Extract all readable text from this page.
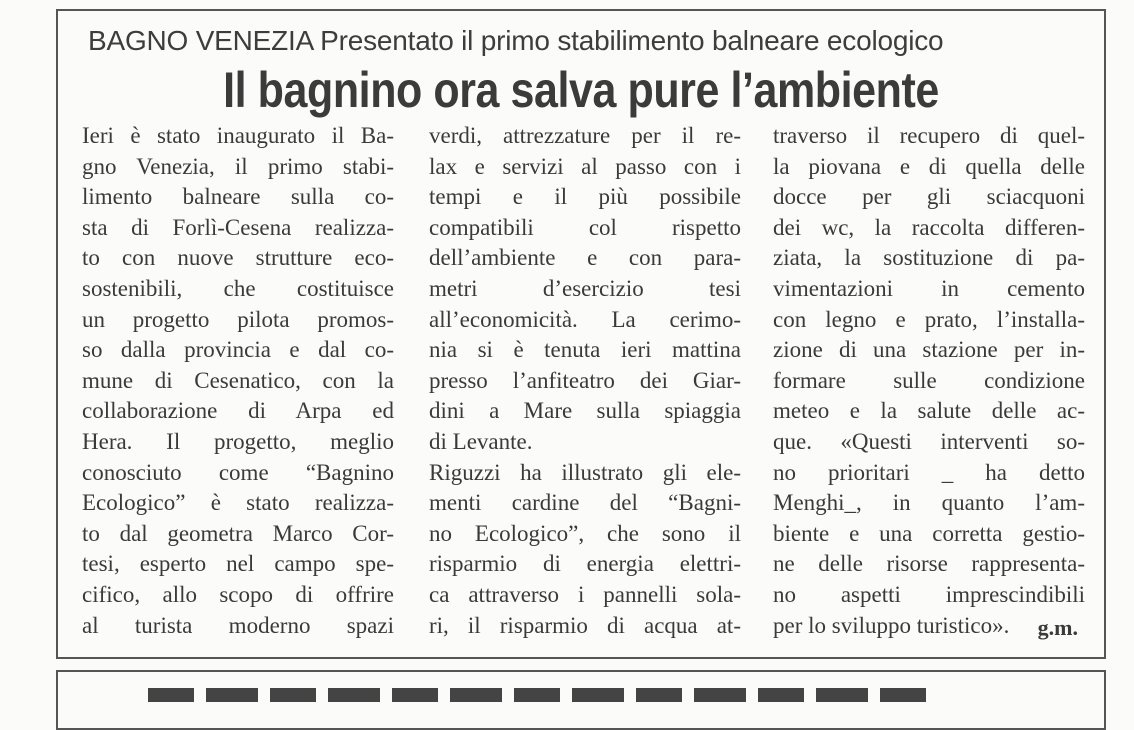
BAGNO VENEZIA Presentato il primo stabilimento balneare ecologico
Il bagnino ora salva pure l’ambiente
Ieri è stato inaugurato il Ba-
gno Venezia, il primo stabi-
limento balneare sulla co-
sta di Forlì-Cesena realizza-
to con nuove strutture eco-
sostenibili, che costituisce
un progetto pilota promos-
so dalla provincia e dal co-
mune di Cesenatico, con la
collaborazione di Arpa ed
Hera. Il progetto, meglio
conosciuto come “Bagnino
Ecologico” è stato realizza-
to dal geometra Marco Cor-
tesi, esperto nel campo spe-
cifico, allo scopo di offrire
al turista moderno spazi
verdi, attrezzature per il re-
lax e servizi al passo con i
tempi e il più possibile
compatibili col rispetto
dell’ambiente e con para-
metri d’esercizio tesi
all’economicità. La cerimo-
nia si è tenuta ieri mattina
presso l’anfiteatro dei Giar-
dini a Mare sulla spiaggia
di Levante.
Riguzzi ha illustrato gli ele-
menti cardine del “Bagni-
no Ecologico”, che sono il
risparmio di energia elettri-
ca attraverso i pannelli sola-
ri, il risparmio di acqua at-
traverso il recupero di quel-
la piovana e di quella delle
docce per gli sciacquoni
dei wc, la raccolta differen-
ziata, la sostituzione di pa-
vimentazioni in cemento
con legno e prato, l’installa-
zione di una stazione per in-
formare sulle condizione
meteo e la salute delle ac-
que. «Questi interventi so-
no prioritari _ ha detto
Menghi_, in quanto l’am-
biente e una corretta gestio-
ne delle risorse rappresenta-
no aspetti imprescindibili
per lo sviluppo turistico».	g.m.
